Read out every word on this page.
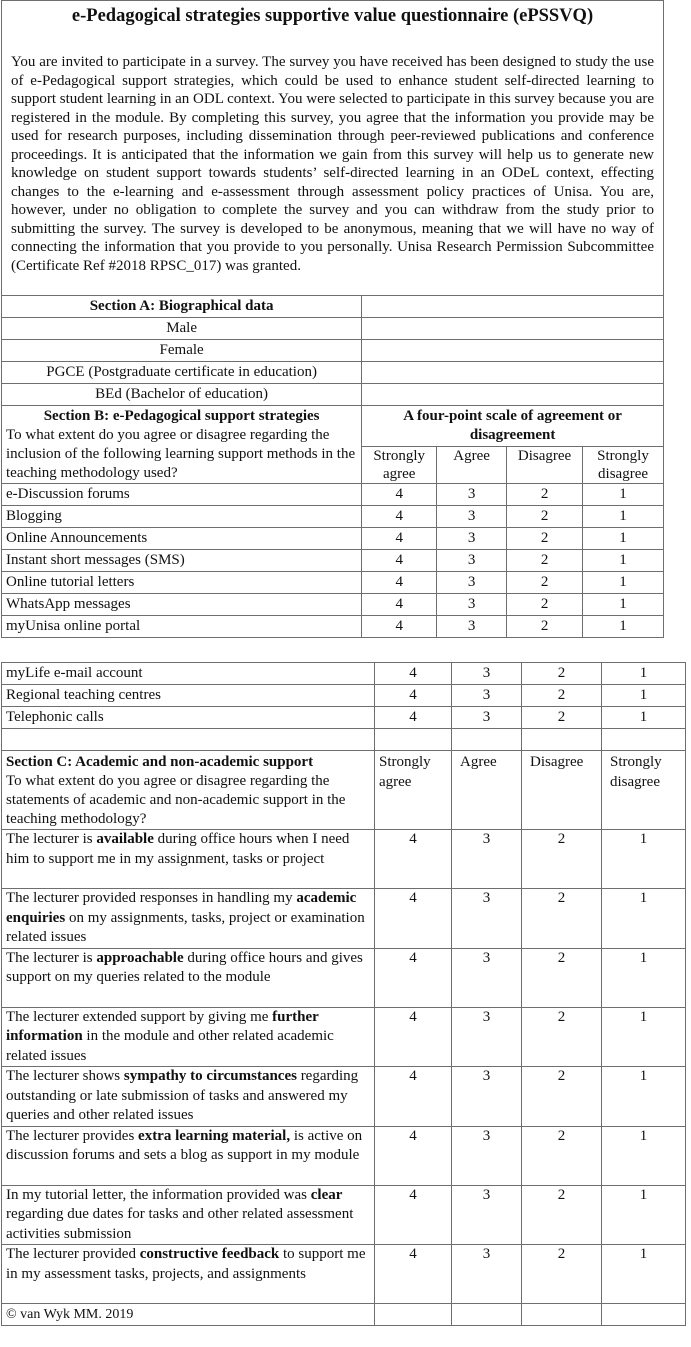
e-Pedagogical strategies supportive value questionnaire (ePSSVQ)				
You are invited to participate in a survey. The survey you have received has been designed to study the use of e-Pedagogical support strategies, which could be used to enhance student self-directed learning to support student learning in an ODL context. You were selected to participate in this survey because you are registered in the module. By completing this survey, you agree that the information you provide may be used for research purposes, including dissemination through peer-reviewed publications and conference proceedings. It is anticipated that the information we gain from this survey will help us to generate new knowledge on student support towards students’ self-directed learning in an ODeL context, effecting changes to the e-learning and e-assessment through assessment policy practices of Unisa. You are, however, under no obligation to complete the survey and you can withdraw from the study prior to submitting the survey. The survey is developed to be anonymous, meaning that we will have no way of connecting the information that you provide to you personally. Unisa Research Permission Subcommittee (Certificate Ref #2018 RPSC_017) was granted.				
Section A: Biographical data				
Male				
Female				
PGCE (Postgraduate certificate in education)				
BEd (Bachelor of education)				

Section B: e-Pedagogical support strategies
To what extent do you agree or disagree regarding the inclusion of the following learning support methods in the teaching methodology used?	A four-point scale of agreement or disagreement			
	Strongly agree	Agree	Disagree	Strongly disagree
e-Discussion forums	4	3	2	1
Blogging	4	3	2	1
Online Announcements	4	3	2	1
Instant short messages (SMS)	4	3	2	1
Online tutorial letters	4	3	2	1
WhatsApp messages	4	3	2	1
myUnisa online portal	4	3	2	1
myLife e-mail account	4	3	2	1
Regional teaching centres	4	3	2	1
Telephonic calls	4	3	2	1

Section C: Academic and non-academic support
To what extent do you agree or disagree regarding the statements of academic and non-academic support in the teaching methodology?	Strongly agree	Agree	Disagree	Strongly disagree
The lecturer is available during office hours when I need him to support me in my assignment, tasks or project	4	3	2	1
The lecturer provided responses in handling my academic enquiries on my assignments, tasks, project or examination related issues	4	3	2	1
The lecturer is approachable during office hours and gives support on my queries related to the module	4	3	2	1
The lecturer extended support by giving me further information in the module and other related academic related issues	4	3	2	1
The lecturer shows sympathy to circumstances regarding outstanding or late submission of tasks and answered my queries and other related issues	4	3	2	1
The lecturer provides extra learning material, is active on discussion forums and sets a blog as support in my module	4	3	2	1
In my tutorial letter, the information provided was clear regarding due dates for tasks and other related assessment activities submission	4	3	2	1
The lecturer provided constructive feedback to support me in my assessment tasks, projects, and assignments	4	3	2	1
© van Wyk MM. 2019				
